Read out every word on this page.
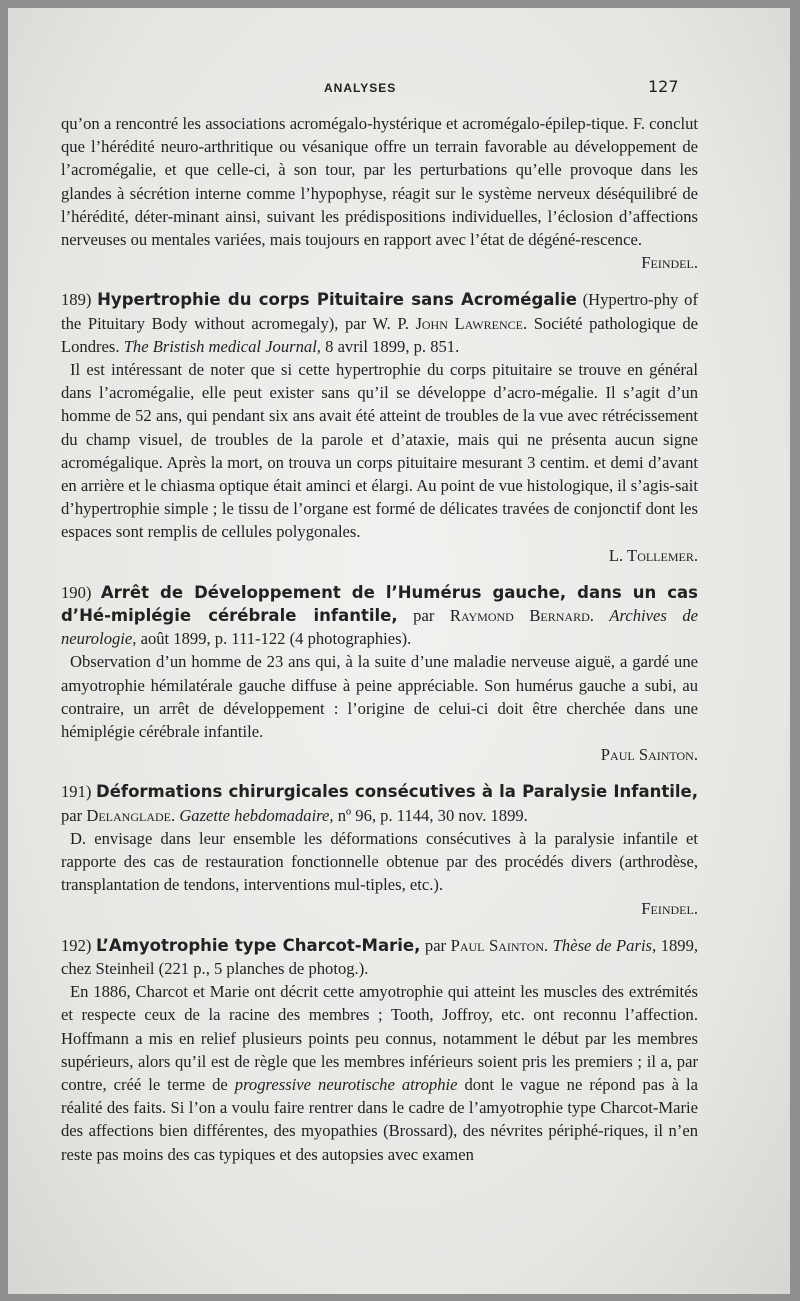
ANALYSES	127

qu’on a rencontré les associations acromégalo-hystérique et acromégalo-épilep-tique. F. conclut que l’hérédité neuro-arthritique ou vésanique offre un terrain favorable au développement de l’acromégalie, et que celle-ci, à son tour, par les perturbations qu’elle provoque dans les glandes à sécrétion interne comme l’hypophyse, réagit sur le système nerveux déséquilibré de l’hérédité, déter-minant ainsi, suivant les prédispositions individuelles, l’éclosion d’affections nerveuses ou mentales variées, mais toujours en rapport avec l’état de dégéné-rescence.

Feindel.

189) Hypertrophie du corps Pituitaire sans Acromégalie (Hypertro-phy of the Pituitary Body without acromegaly), par W. P. John Lawrence. Société pathologique de Londres. The Bristish medical Journal, 8 avril 1899, p. 851.

Il est intéressant de noter que si cette hypertrophie du corps pituitaire se trouve en général dans l’acromégalie, elle peut exister sans qu’il se développe d’acro-mégalie. Il s’agit d’un homme de 52 ans, qui pendant six ans avait été atteint de troubles de la vue avec rétrécissement du champ visuel, de troubles de la parole et d’ataxie, mais qui ne présenta aucun signe acromégalique. Après la mort, on trouva un corps pituitaire mesurant 3 centim. et demi d’avant en arrière et le chiasma optique était aminci et élargi. Au point de vue histologique, il s’agis-sait d’hypertrophie simple ; le tissu de l’organe est formé de délicates travées de conjonctif dont les espaces sont remplis de cellules polygonales.

L. Tollemer.

190) Arrêt de Développement de l’Humérus gauche, dans un cas d’Hé-miplégie cérébrale infantile, par Raymond Bernard. Archives de neurologie, août 1899, p. 111-122 (4 photographies).

Observation d’un homme de 23 ans qui, à la suite d’une maladie nerveuse aiguë, a gardé une amyotrophie hémilatérale gauche diffuse à peine appréciable. Son humérus gauche a subi, au contraire, un arrêt de développement : l’origine de celui-ci doit être cherchée dans une hémiplégie cérébrale infantile.

Paul Sainton.

191) Déformations chirurgicales consécutives à la Paralysie Infantile, par Delanglade. Gazette hebdomadaire, nº 96, p. 1144, 30 nov. 1899.

D. envisage dans leur ensemble les déformations consécutives à la paralysie infantile et rapporte des cas de restauration fonctionnelle obtenue par des procédés divers (arthrodèse, transplantation de tendons, interventions mul-tiples, etc.).

Feindel.

192) L’Amyotrophie type Charcot-Marie, par Paul Sainton. Thèse de Paris, 1899, chez Steinheil (221 p., 5 planches de photog.).

En 1886, Charcot et Marie ont décrit cette amyotrophie qui atteint les muscles des extrémités et respecte ceux de la racine des membres ; Tooth, Joffroy, etc. ont reconnu l’affection. Hoffmann a mis en relief plusieurs points peu connus, notamment le début par les membres supérieurs, alors qu’il est de règle que les membres inférieurs soient pris les premiers ; il a, par contre, créé le terme de progressive neurotische atrophie dont le vague ne répond pas à la réalité des faits. Si l’on a voulu faire rentrer dans le cadre de l’amyotrophie type Charcot-Marie des affections bien différentes, des myopathies (Brossard), des névrites périphé-riques, il n’en reste pas moins des cas typiques et des autopsies avec examen
